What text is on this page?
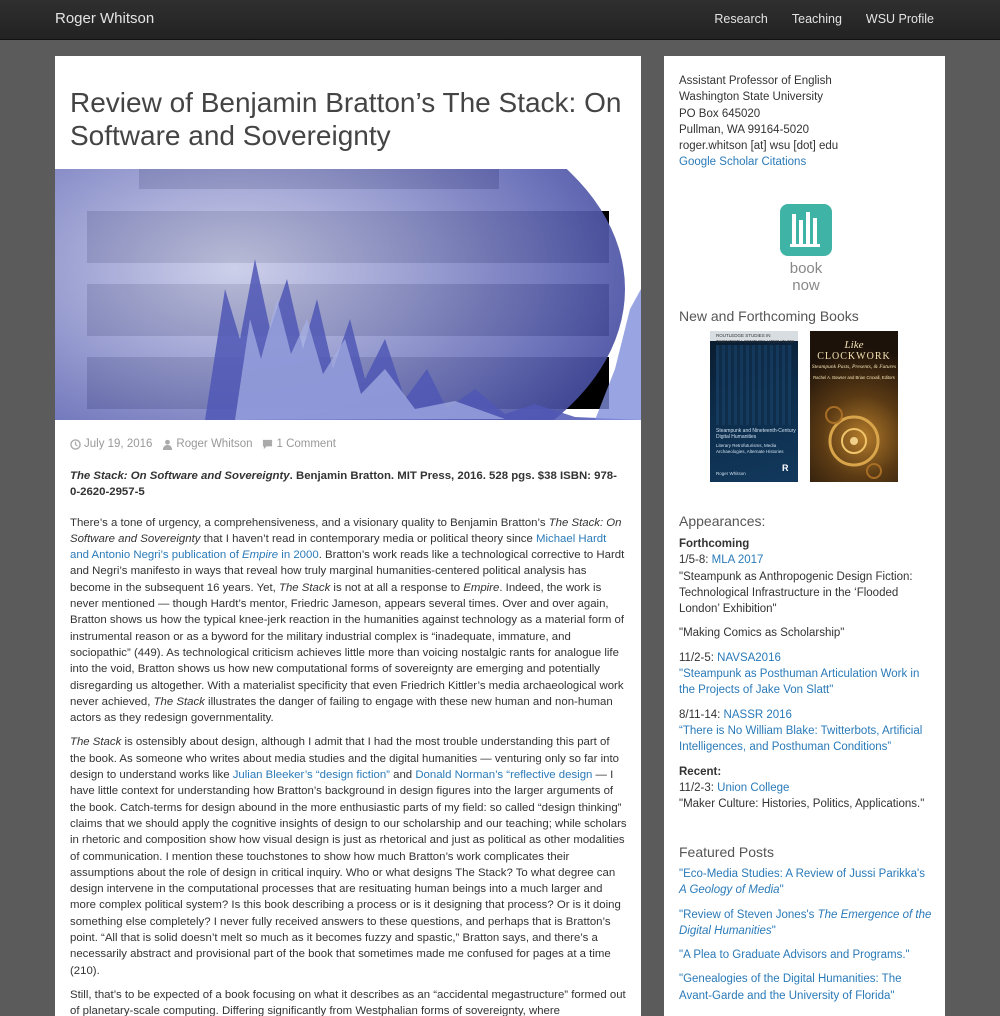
Roger Whitson	Research Teaching WSU Profile
Review of Benjamin Bratton’s The Stack: On Software and Sovereignty
July 19, 2016 Roger Whitson 1 Comment

The Stack: On Software and Sovereignty. Benjamin Bratton. MIT Press, 2016. 528 pgs. $38 ISBN: 978-0-2620-2957-5

There’s a tone of urgency, a comprehensiveness, and a visionary quality to Benjamin Bratton’s The Stack: On Software and Sovereignty that I haven’t read in contemporary media or political theory since Michael Hardt and Antonio Negri’s publication of Empire in 2000. Bratton’s work reads like a technological corrective to Hardt and Negri’s manifesto in ways that reveal how truly marginal humanities-centered political analysis has become in the subsequent 16 years. Yet, The Stack is not at all a response to Empire. Indeed, the work is never mentioned — though Hardt’s mentor, Friedric Jameson, appears several times. Over and over again, Bratton shows us how the typical knee-jerk reaction in the humanities against technology as a material form of instrumental reason or as a byword for the military industrial complex is “inadequate, immature, and sociopathic” (449). As technological criticism achieves little more than voicing nostalgic rants for analogue life into the void, Bratton shows us how new computational forms of sovereignty are emerging and potentially disregarding us altogether. With a materialist specificity that even Friedrich Kittler’s media archaeological work never achieved, The Stack illustrates the danger of failing to engage with these new human and non-human actors as they redesign governmentality.

The Stack is ostensibly about design, although I admit that I had the most trouble understanding this part of the book. As someone who writes about media studies and the digital humanities — venturing only so far into design to understand works like Julian Bleeker’s “design fiction” and Donald Norman’s “reflective design — I have little context for understanding how Bratton’s background in design figures into the larger arguments of the book. Catch-terms for design abound in the more enthusiastic parts of my field: so called “design thinking” claims that we should apply the cognitive insights of design to our scholarship and our teaching; while scholars in rhetoric and composition show how visual design is just as rhetorical and just as political as other modalities of communication. I mention these touchstones to show how much Bratton’s work complicates their assumptions about the role of design in critical inquiry. Who or what designs The Stack? To what degree can design intervene in the computational processes that are resituating human beings into a much larger and more complex political system? Is this book describing a process or is it designing that process? Or is it doing something else completely? I never fully received answers to these questions, and perhaps that is Bratton’s point. “All that is solid doesn’t melt so much as it becomes fuzzy and spastic,” Bratton says, and there’s a necessarily abstract and provisional part of the book that sometimes made me confused for pages at a time (210).

Still, that’s to be expected of a book focusing on what it describes as an “accidental megastructure” formed out of planetary-scale computing. Differing significantly from Westphalian forms of sovereignty, where

Assistant Professor of English
Washington State University
PO Box 645020
Pullman, WA 99164-5020
roger.whitson [at] wsu [dot] edu
Google Scholar Citations
book now
New and Forthcoming Books
ROUTLEDGE STUDIES IN TWENTIETH-CENTURY LITERATURE
Steampunk and Nineteenth-Century Digital Humanities
Literary Retrofuturisms, Media Archaeologies, Alternate Histories
Roger Whitson
R
Like
CLOCKWORK
Steampunk Pasts, Presents, & Futures
Rachel A. Bowser and Brian Croxall, Editors
Appearances:
Forthcoming
1/5-8: MLA 2017
"Steampunk as Anthropogenic Design Fiction: Technological Infrastructure in the ‘Flooded London’ Exhibition"
"Making Comics as Scholarship"
11/2-5: NAVSA2016
"Steampunk as Posthuman Articulation Work in the Projects of Jake Von Slatt"
8/11-14: NASSR 2016
“There is No William Blake: Twitterbots, Artificial Intelligences, and Posthuman Conditions”
Recent:
11/2-3: Union College
"Maker Culture: Histories, Politics, Applications."
Featured Posts
"Eco-Media Studies: A Review of Jussi Parikka's A Geology of Media"
"Review of Steven Jones's The Emergence of the Digital Humanities"
"A Plea to Graduate Advisors and Programs."
"Genealogies of the Digital Humanities: The Avant-Garde and the University of Florida"
